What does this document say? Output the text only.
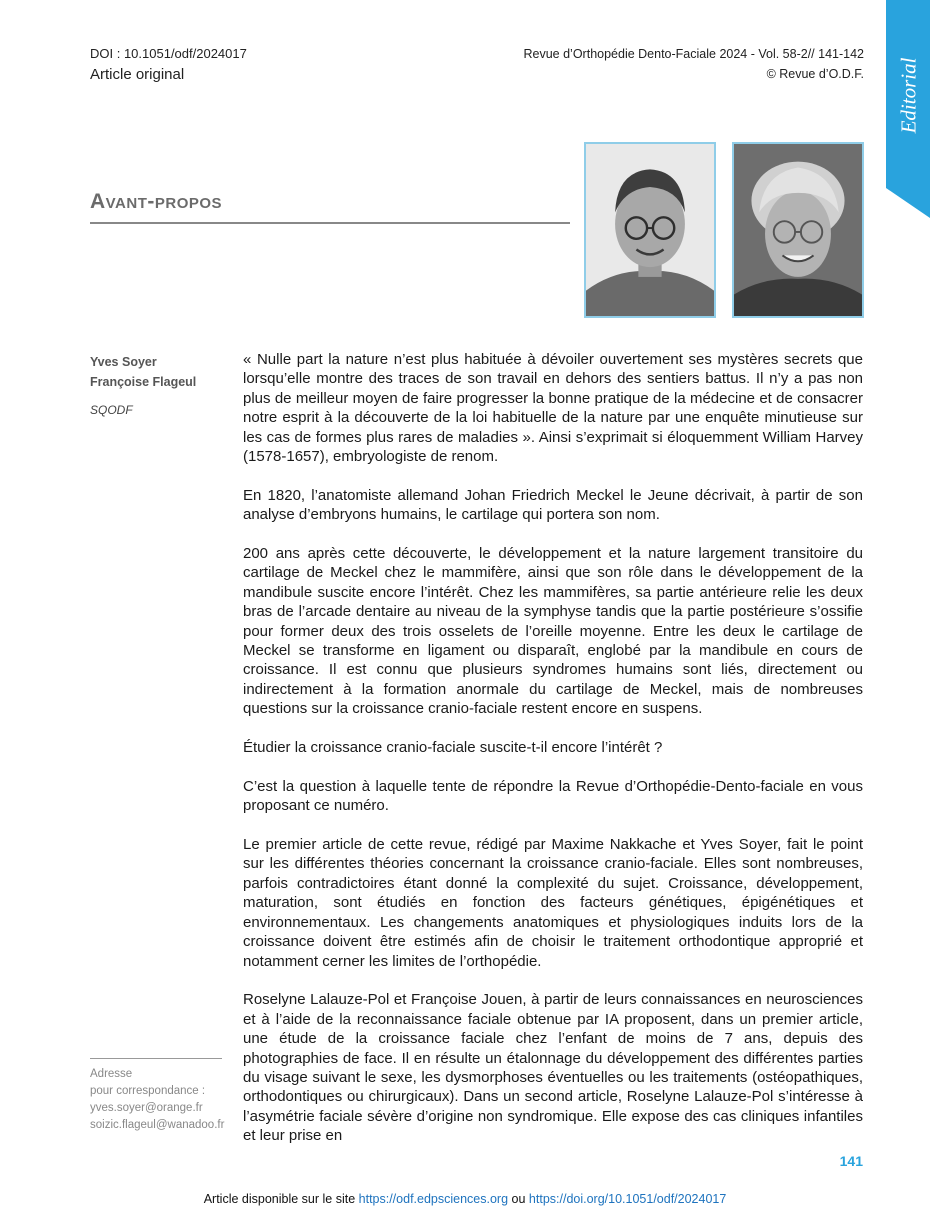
DOI : 10.1051/odf/2024017
Article original
Revue d’Orthopédie Dento-Faciale 2024 - Vol. 58-2// 141-142
© Revue d’O.D.F. Editorial
Avant-propos
Yves Soyer
Françoise Flageul
SQODF
Adresse
pour correspondance :
yves.soyer@orange.fr
soizic.flageul@wanadoo.fr

« Nulle part la nature n’est plus habituée à dévoiler ouvertement ses mystères secrets que lorsqu’elle montre des traces de son travail en dehors des sentiers battus. Il n’y a pas non plus de meilleur moyen de faire progresser la bonne pratique de la médecine et de consacrer notre esprit à la découverte de la loi habituelle de la nature par une enquête minutieuse sur les cas de formes plus rares de maladies ». Ainsi s’exprimait si éloquemment William Harvey (1578-1657), embryologiste de renom.

En 1820, l’anatomiste allemand Johan Friedrich Meckel le Jeune décrivait, à partir de son analyse d’embryons humains, le cartilage qui portera son nom.

200 ans après cette découverte, le développement et la nature largement transitoire du cartilage de Meckel chez le mammifère, ainsi que son rôle dans le développement de la mandibule suscite encore l’intérêt. Chez les mammifères, sa partie antérieure relie les deux bras de l’arcade dentaire au niveau de la symphyse tandis que la partie postérieure s’ossifie pour former deux des trois osselets de l’oreille moyenne. Entre les deux le cartilage de Meckel se transforme en ligament ou disparaît, englobé par la mandibule en cours de croissance. Il est connu que plusieurs syndromes humains sont liés, directement ou indirectement à la formation anormale du cartilage de Meckel, mais de nombreuses questions sur la croissance cranio-faciale restent encore en suspens.

Étudier la croissance cranio-faciale suscite-t-il encore l’intérêt ?

C’est la question à laquelle tente de répondre la Revue d’Orthopédie-Dento-faciale en vous proposant ce numéro.

Le premier article de cette revue, rédigé par Maxime Nakkache et Yves Soyer, fait le point sur les différentes théories concernant la croissance cranio-faciale. Elles sont nombreuses, parfois contradictoires étant donné la complexité du sujet. Croissance, développement, maturation, sont étudiés en fonction des facteurs génétiques, épigénétiques et environnementaux. Les changements anatomiques et physiologiques induits lors de la croissance doivent être estimés afin de choisir le traitement orthodontique approprié et notamment cerner les limites de l’orthopédie.

Roselyne Lalauze-Pol et Françoise Jouen, à partir de leurs connaissances en neurosciences et à l’aide de la reconnaissance faciale obtenue par IA proposent, dans un premier article, une étude de la croissance faciale chez l’enfant de moins de 7 ans, depuis des photographies de face. Il en résulte un étalonnage du développement des différentes parties du visage suivant le sexe, les dysmorphoses éventuelles ou les traitements (ostéopathiques, orthodontiques ou chirurgicaux). Dans un second article, Roselyne Lalauze-Pol s’intéresse à l’asymétrie faciale sévère d’origine non syndromique. Elle expose des cas cliniques infantiles et leur prise en

141
Article disponible sur le site https://odf.edpsciences.org ou https://doi.org/10.1051/odf/2024017
